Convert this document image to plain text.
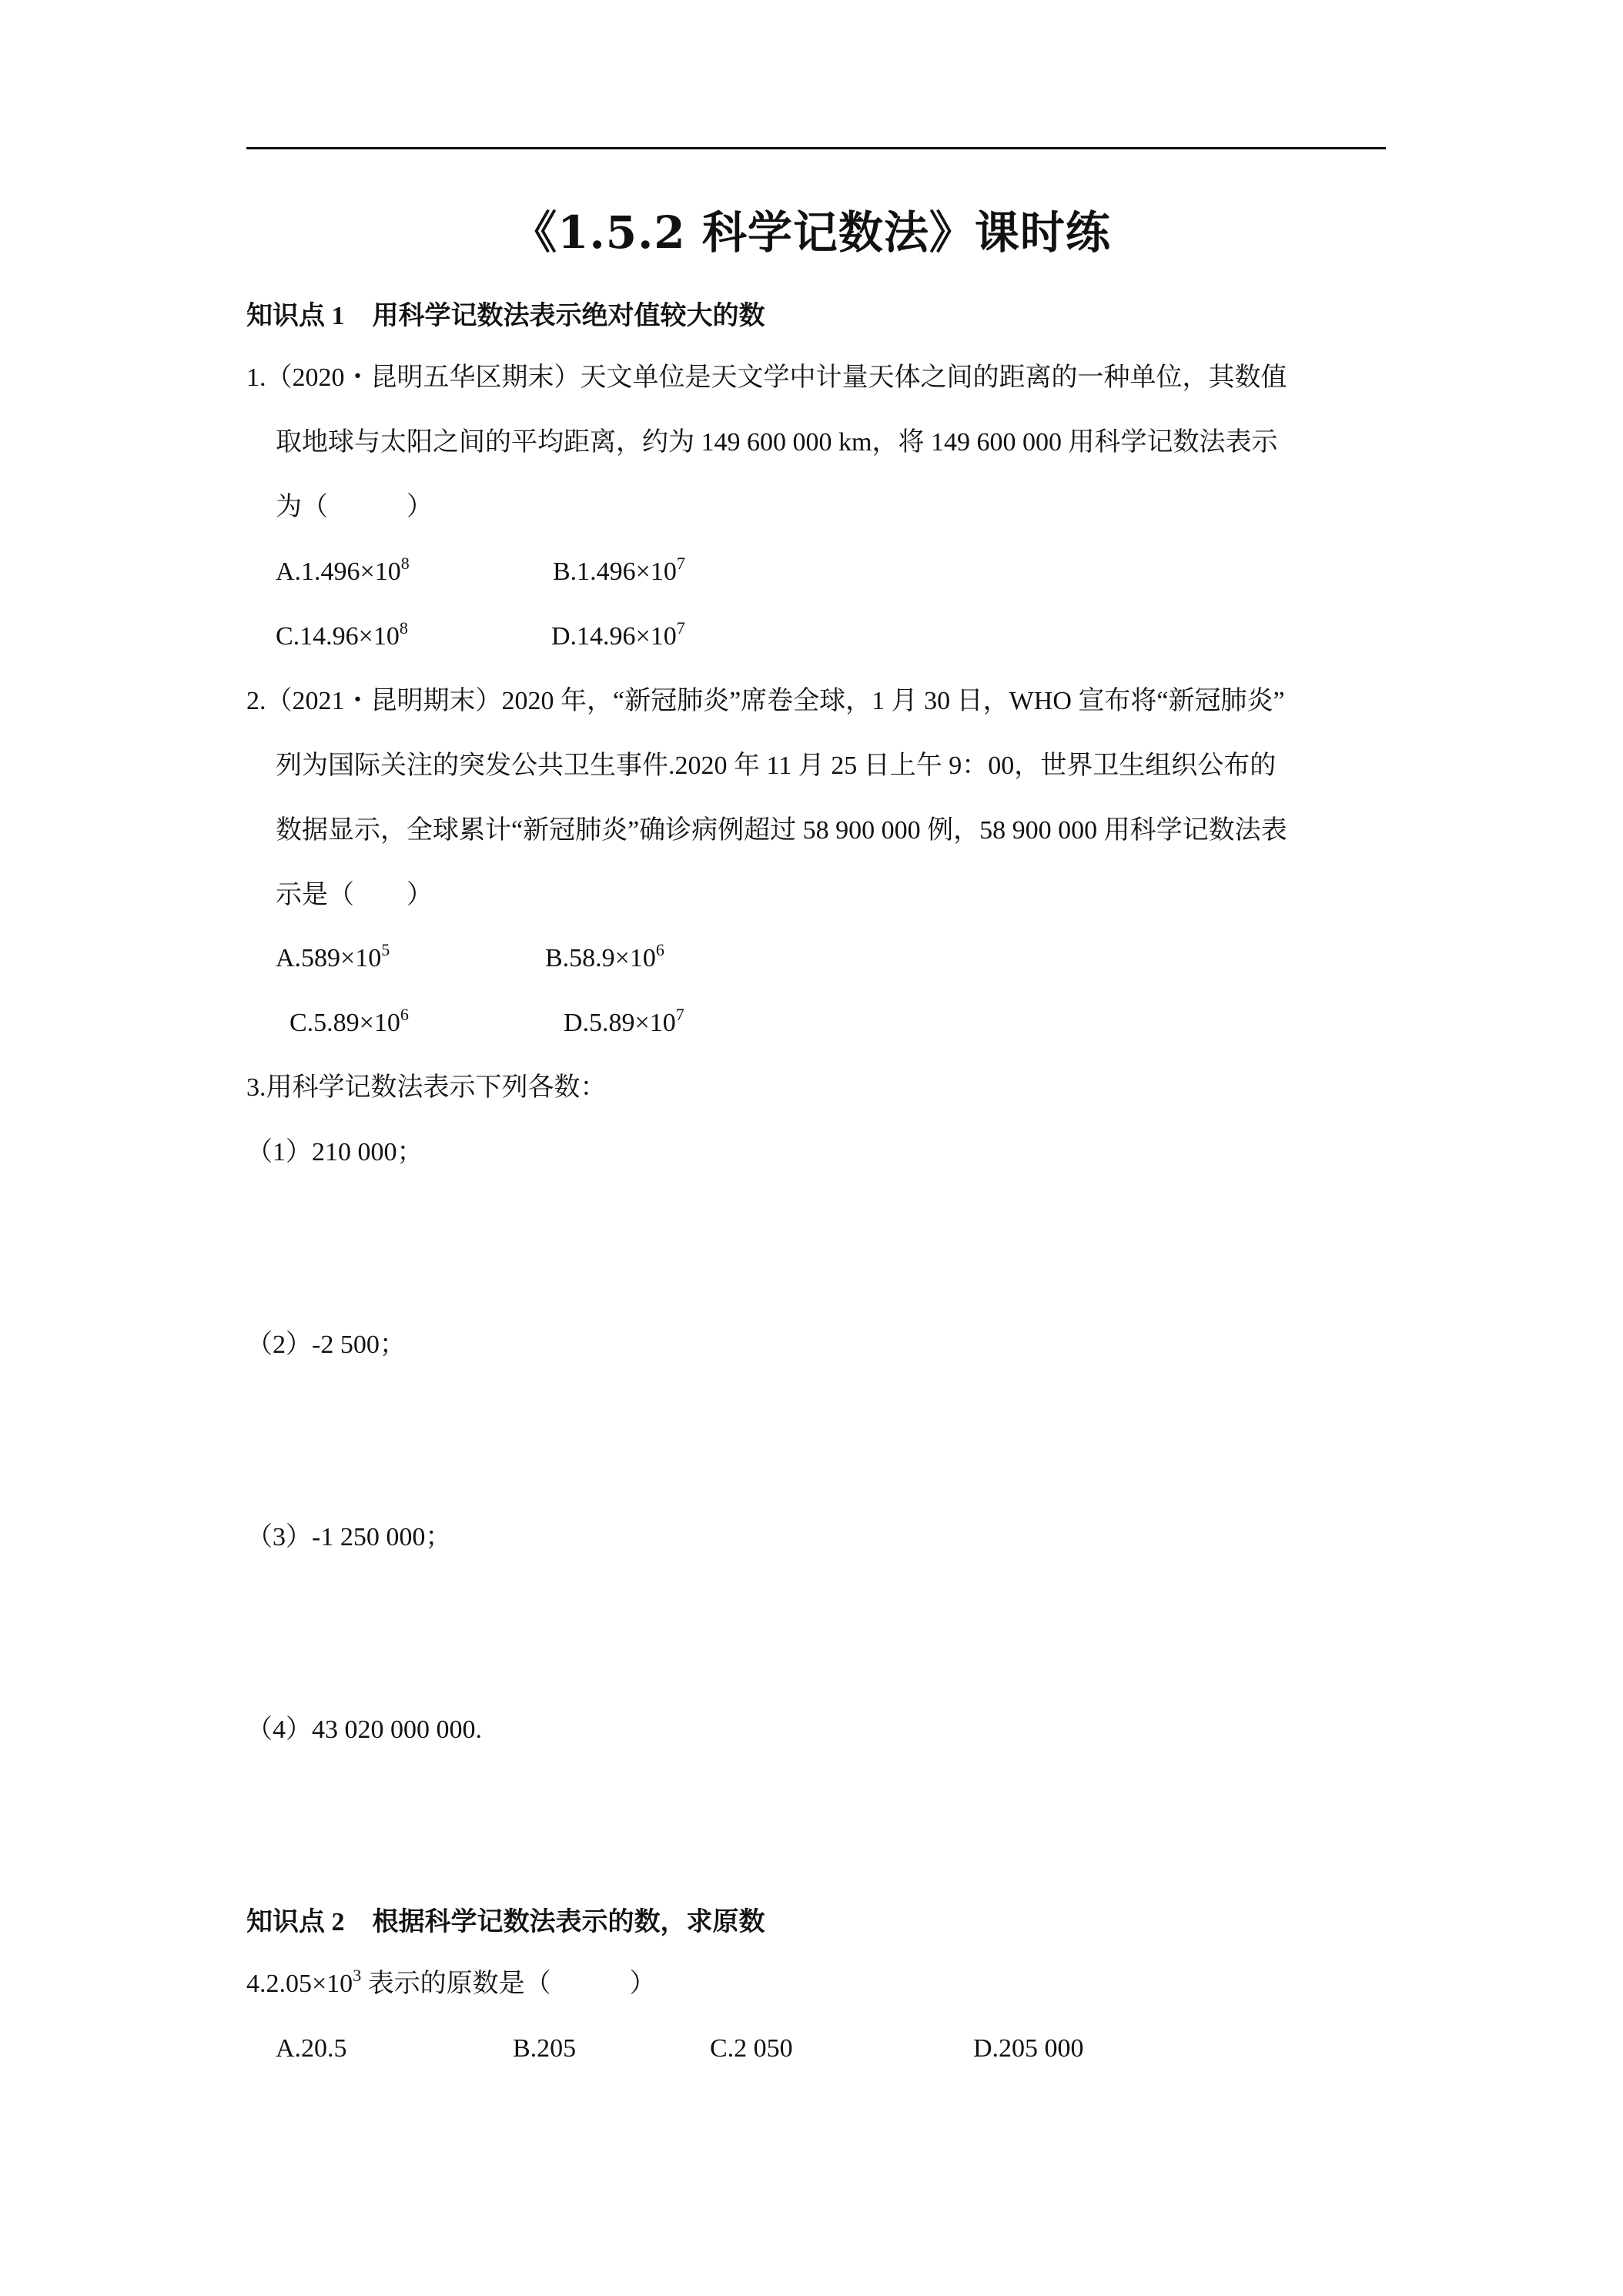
《1.5.2 科学记数法》课时练
知识点 1 用科学记数法表示绝对值较大的数
1.（2020・昆明五华区期末）天文单位是天文学中计量天体之间的距离的一种单位，其数值
取地球与太阳之间的平均距离，约为 149 600 000 km，将 149 600 000 用科学记数法表示
为（　　　）
$A.1.496\times 10^8$	$B.1.496\times 10^7$
$C.14.96\times 10^8$	$D.14.96\times 10^7$
2.（2021・昆明期末）2020 年，“新冠肺炎”席卷全球，1 月 30 日，WHO 宣布将“新冠肺炎”
列为国际关注的突发公共卫生事件.2020 年 11 月 25 日上午 9：00，世界卫生组织公布的
数据显示，全球累计“新冠肺炎”确诊病例超过 58 900 000 例，58 900 000 用科学记数法表
示是（　　）
$A.589\times 10^5$	$B.58.9\times 10^6$
$C.5.89\times 10^6$	$D.5.89\times 10^7$
3.用科学记数法表示下列各数：
（1）210 000；
（2）-2 500；
（3）-1 250 000；
（4）43 020 000 000.
知识点 2 根据科学记数法表示的数，求原数
$4.2.05\times 10^3$ 表示的原数是（　　　）
A.20.5	B.205	C.2 050	D.205 000
